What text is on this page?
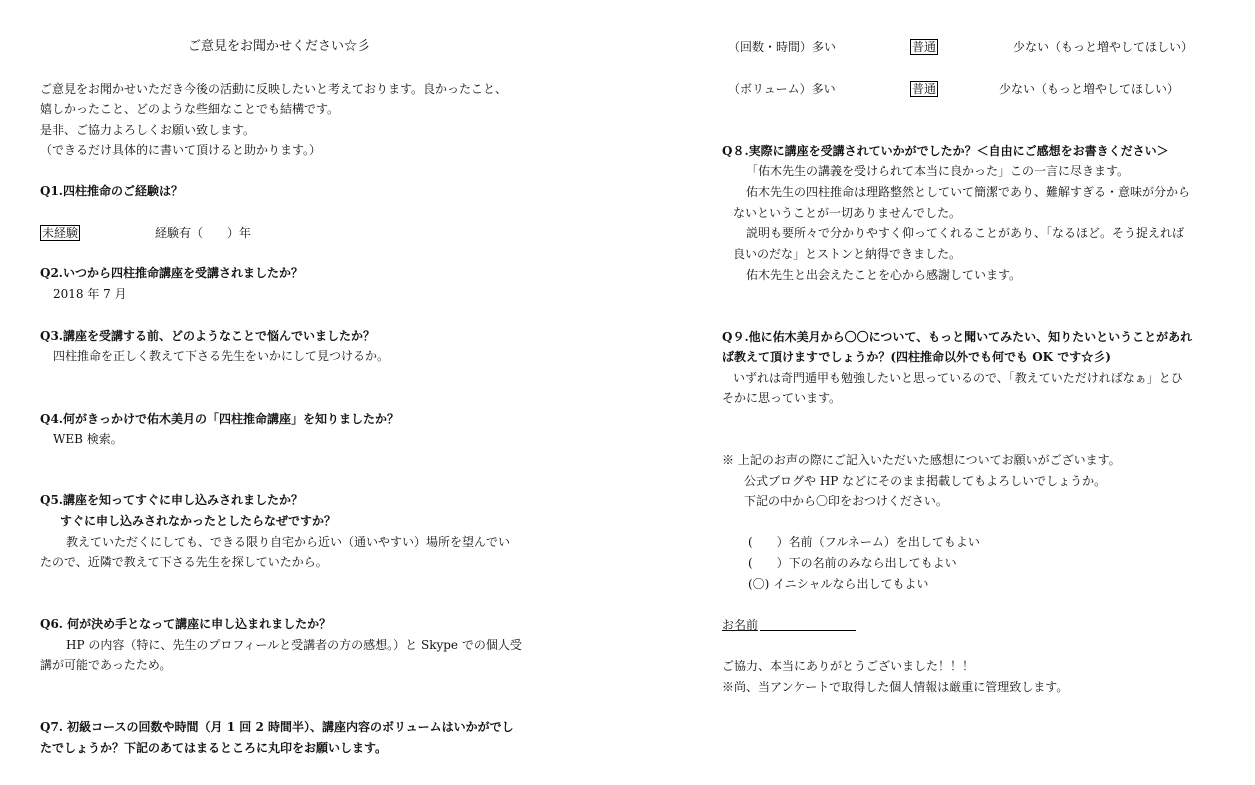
ご意見をお聞かせください☆彡
ご意見をお聞かせいただき今後の活動に反映したいと考えております。良かったこと、
嬉しかったこと、どのような些細なことでも結構です。
是非、ご協力よろしくお願い致します。
（できるだけ具体的に書いて頂けると助かります。）
Q1.四柱推命のご経験は？
未経験	経験有（　　）年
Q2.いつから四柱推命講座を受講されましたか？
2018 年 7 月
Q3.講座を受講する前、どのようなことで悩んでいましたか？
四柱推命を正しく教えて下さる先生をいかにして見つけるか。
Q4.何がきっかけで佑木美月の「四柱推命講座」を知りましたか？
WEB 検索。
Q5.講座を知ってすぐに申し込みされましたか？
すぐに申し込みされなかったとしたらなぜですか？
教えていただくにしても、できる限り自宅から近い（通いやすい）場所を望んでい
たので、近隣で教えて下さる先生を探していたから。
Q6. 何が決め手となって講座に申し込まれましたか？
HP の内容（特に、先生のプロフィールと受講者の方の感想。）と Skype での個人受
講が可能であったため。
Q7. 初級コースの回数や時間（月 1 回 2 時間半）、講座内容のボリュームはいかがでし
たでしょうか？下記のあてはまるところに丸印をお願いします。
（回数・時間）多い	普通	少ない（もっと増やしてほしい）
（ボリューム）多い	普通	少ない（もっと増やしてほしい）
Q８.実際に講座を受講されていかがでしたか？＜自由にご感想をお書きください＞
「佑木先生の講義を受けられて本当に良かった」この一言に尽きます。
佑木先生の四柱推命は理路整然としていて簡潔であり、難解すぎる・意味が分から
ないということが一切ありませんでした。
説明も要所々で分かりやすく仰ってくれることがあり、「なるほど。そう捉えれば
良いのだな」とストンと納得できました。
佑木先生と出会えたことを心から感謝しています。
Q９.他に佑木美月から〇〇について、もっと聞いてみたい、知りたいということがあれ
ば教えて頂けますでしょうか？(四柱推命以外でも何でも OK です☆彡)
いずれは奇門遁甲も勉強したいと思っているので、「教えていただければなぁ」とひ
そかに思っています。
※ 上記のお声の際にご記入いただいた感想についてお願いがございます。
公式ブログや HP などにそのまま掲載してもよろしいでしょうか。
下記の中から〇印をおつけください。
(　　）名前（フルネーム）を出してもよい
(　　）下の名前のみなら出してもよい
(〇) イニシャルなら出してもよい
お名前
ご協力、本当にありがとうございました！！！
※尚、当アンケートで取得した個人情報は厳重に管理致します。
